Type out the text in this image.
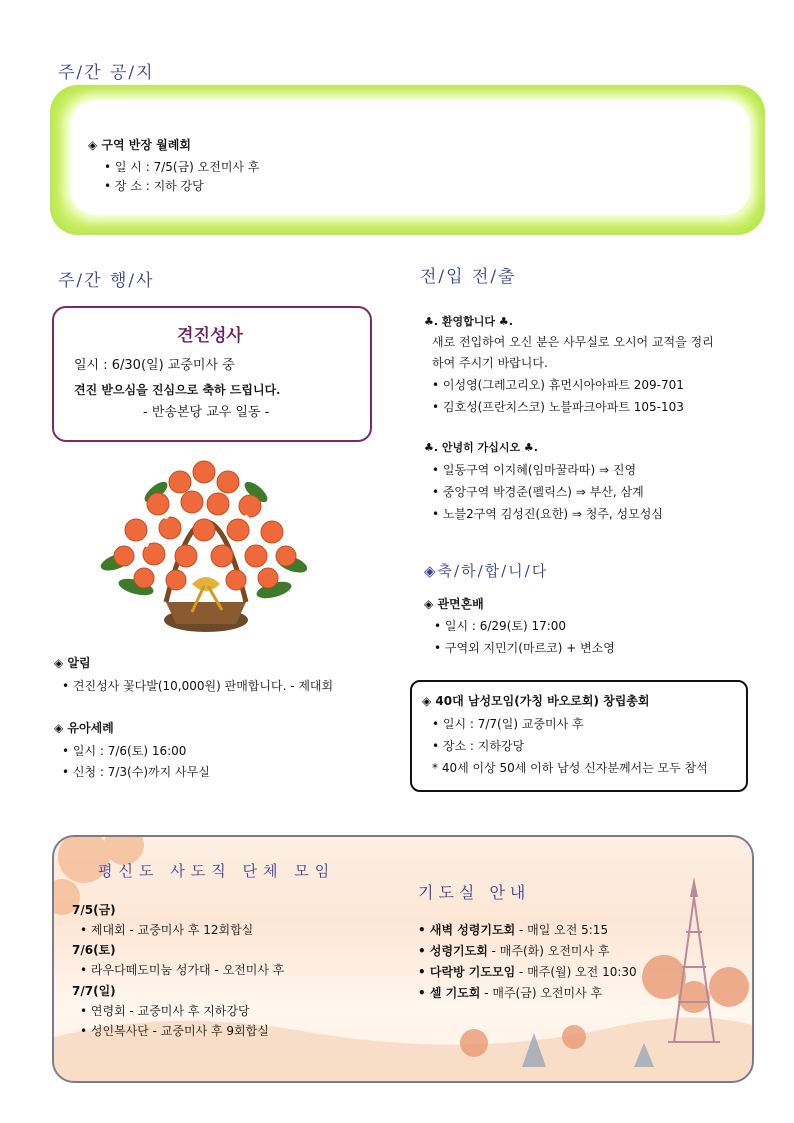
주/간 공/지
◈ 구역 반장 월례회
• 일 시 : 7/5(금) 오전미사 후
• 장 소 : 지하 강당
주/간 행/사
견진성사
일시 : 6/30(일) 교중미사 중
견진 받으심을 진심으로 축하 드립니다.
- 반송본당 교우 일동 -
◈ 알림
• 견진성사 꽃다발(10,000원) 판매합니다. - 제대회
◈ 유아세례
• 일시 : 7/6(토) 16:00
• 신청 : 7/3(수)까지 사무실
전/입 전/출
♣. 환영합니다 ♣.
새로 전입하여 오신 분은 사무실로 오시어 교적을 정리
하여 주시기 바랍니다.
• 이성영(그레고리오) 휴먼시아아파트 209-701
• 김호성(프란치스코) 노블파크아파트 105-103
♣. 안녕히 가십시오 ♣.
• 일동구역 이지혜(임마꿀라따) ⇒ 진영
• 중앙구역 박경준(펠릭스) ⇒ 부산, 삼계
• 노블2구역 김성진(요한) ⇒ 청주, 성모성심
◈축/하/합/니/다
◈ 관면혼배
• 일시 : 6/29(토) 17:00
• 구역외 지민기(마르코) + 변소영
◈ 40대 남성모임(가칭 바오로회) 창립총회
• 일시 : 7/7(일) 교중미사 후
• 장소 : 지하강당
* 40세 이상 50세 이하 남성 신자분께서는 모두 참석
평신도 사도직 단체 모임
기도실 안내
7/5(금)
• 제대회 - 교중미사 후 12회합실
7/6(토)
• 라우다떼도미눔 성가대 - 오전미사 후
7/7(일)
• 연령회 - 교중미사 후 지하강당
• 성인복사단 - 교중미사 후 9회합실
• 새벽 성령기도회 - 매일 오전 5:15
• 성령기도회 - 매주(화) 오전미사 후
• 다락방 기도모임 - 매주(월) 오전 10:30
• 셀 기도회 - 매주(금) 오전미사 후
